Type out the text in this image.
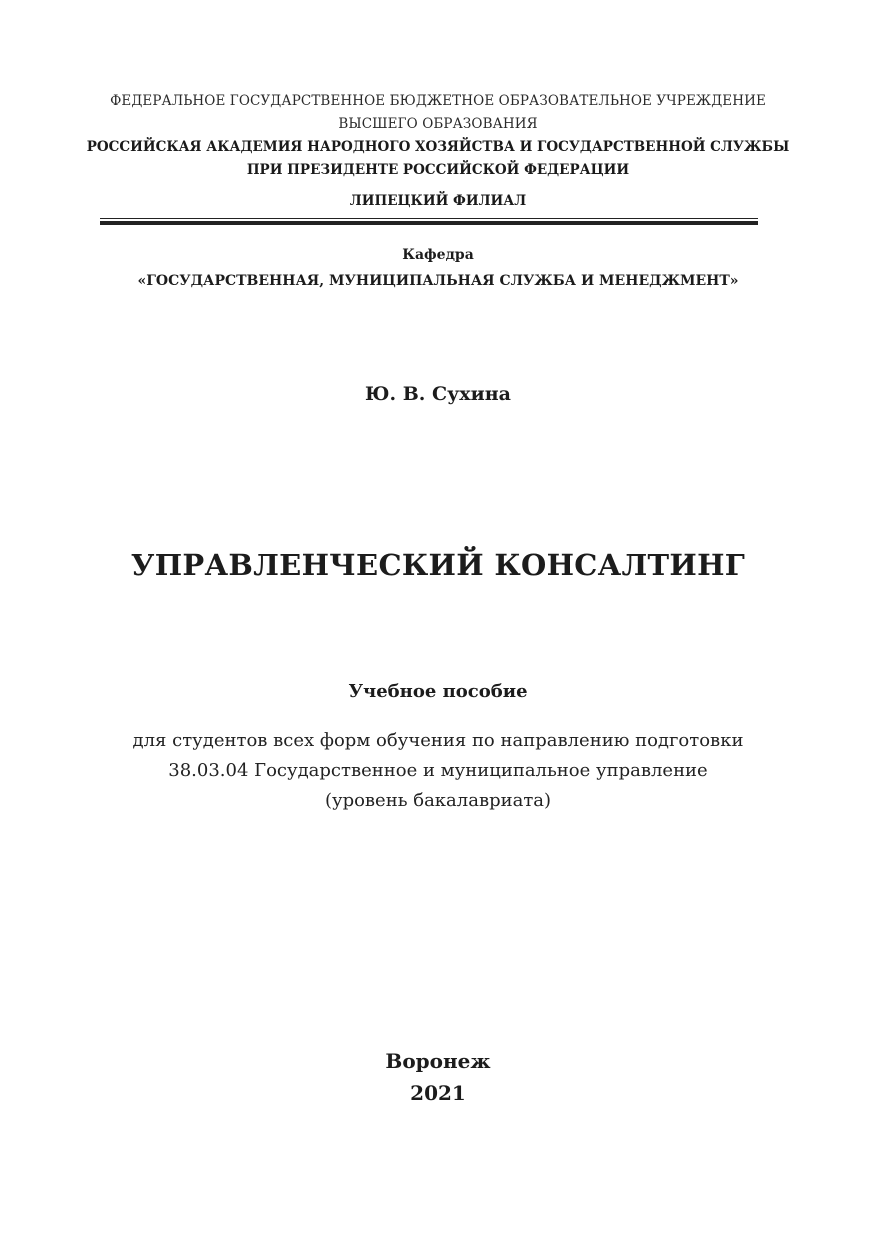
ФЕДЕРАЛЬНОЕ ГОСУДАРСТВЕННОЕ БЮДЖЕТНОЕ ОБРАЗОВАТЕЛЬНОЕ УЧРЕЖДЕНИЕ
ВЫСШЕГО ОБРАЗОВАНИЯ
РОССИЙСКАЯ АКАДЕМИЯ НАРОДНОГО ХОЗЯЙСТВА И ГОСУДАРСТВЕННОЙ СЛУЖБЫ
ПРИ ПРЕЗИДЕНТЕ РОССИЙСКОЙ ФЕДЕРАЦИИ
ЛИПЕЦКИЙ ФИЛИАЛ
Кафедра
«ГОСУДАРСТВЕННАЯ, МУНИЦИПАЛЬНАЯ СЛУЖБА И МЕНЕДЖМЕНТ»
Ю. В. Сухина
УПРАВЛЕНЧЕСКИЙ КОНСАЛТИНГ
Учебное пособие
для студентов всех форм обучения по направлению подготовки
38.03.04 Государственное и муниципальное управление
(уровень бакалавриата)
Воронеж
2021
